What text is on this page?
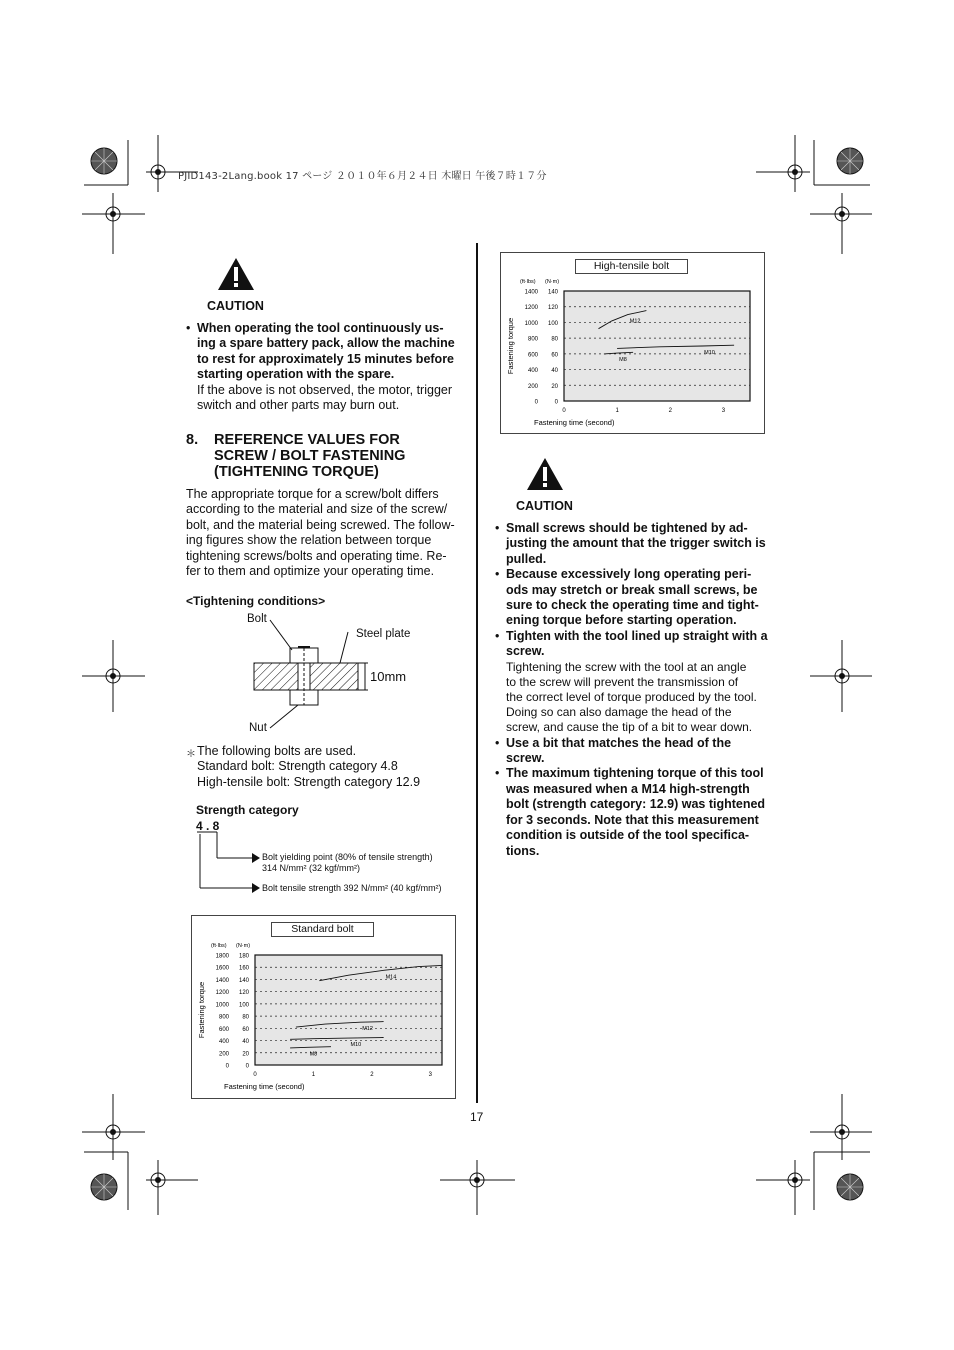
PJID143-2Lang.book 17 ページ ２０１０年６月２４日 木曜日 午後７時１７分
CAUTION
• When operating the tool continuously us-ing a spare battery pack, allow the machine to rest for approximately 15 minutes before starting operation with the spare.
If the above is not observed, the motor, trigger switch and other parts may burn out.
8. REFERENCE VALUES FOR SCREW / BOLT FASTENING (TIGHTENING TORQUE)
The appropriate torque for a screw/bolt differs according to the material and size of the screw/ bolt, and the material being screwed. The follow-ing figures show the relation between torque tightening screws/bolts and operating time. Re-fer to them and optimize your operating time.
<Tightening conditions>
Bolt
Steel plate
10mm
Nut
＊ The following bolts are used.
Standard bolt: Strength category 4.8
High-tensile bolt: Strength category 12.9
Strength category
4 . 8
Bolt yielding point (80% of tensile strength)
314 N/mm² (32 kgf/mm²)
Bolt tensile strength 392 N/mm² (40 kgf/mm²)
Standard bolt
0	0
200 20
400 40
600 60
800 80
1000 100
1200 120
1400 140
1600 160
1800 180
(ft·lbs) (N·m)
0	1	2	3
Fastening torque
Fastening time (second)
M14
M12
M10
M8
High-tensile bolt
0	0
200 20
400 40
600 60
800 80
1000 100
1200 120
1400 140
(ft·lbs) (N·m)
0	1	2	3
Fastening torque
Fastening time (second)
M12
M10
M8
CAUTION
• Small screws should be tightened by ad-justing the amount that the trigger switch is pulled.
• Because excessively long operating peri-ods may stretch or break small screws, be sure to check the operating time and tight-ening torque before starting operation.
• Tighten with the tool lined up straight with a screw.
Tightening the screw with the tool at an angle
to the screw will prevent the transmission of
the correct level of torque produced by the tool.
Doing so can also damage the head of the
screw, and cause the tip of a bit to wear down.
• Use a bit that matches the head of the screw.
• The maximum tightening torque of this tool was measured when a M14 high-strength bolt (strength category: 12.9) was tightened for 3 seconds. Note that this measurement condition is outside of the tool specifica-tions.
17
